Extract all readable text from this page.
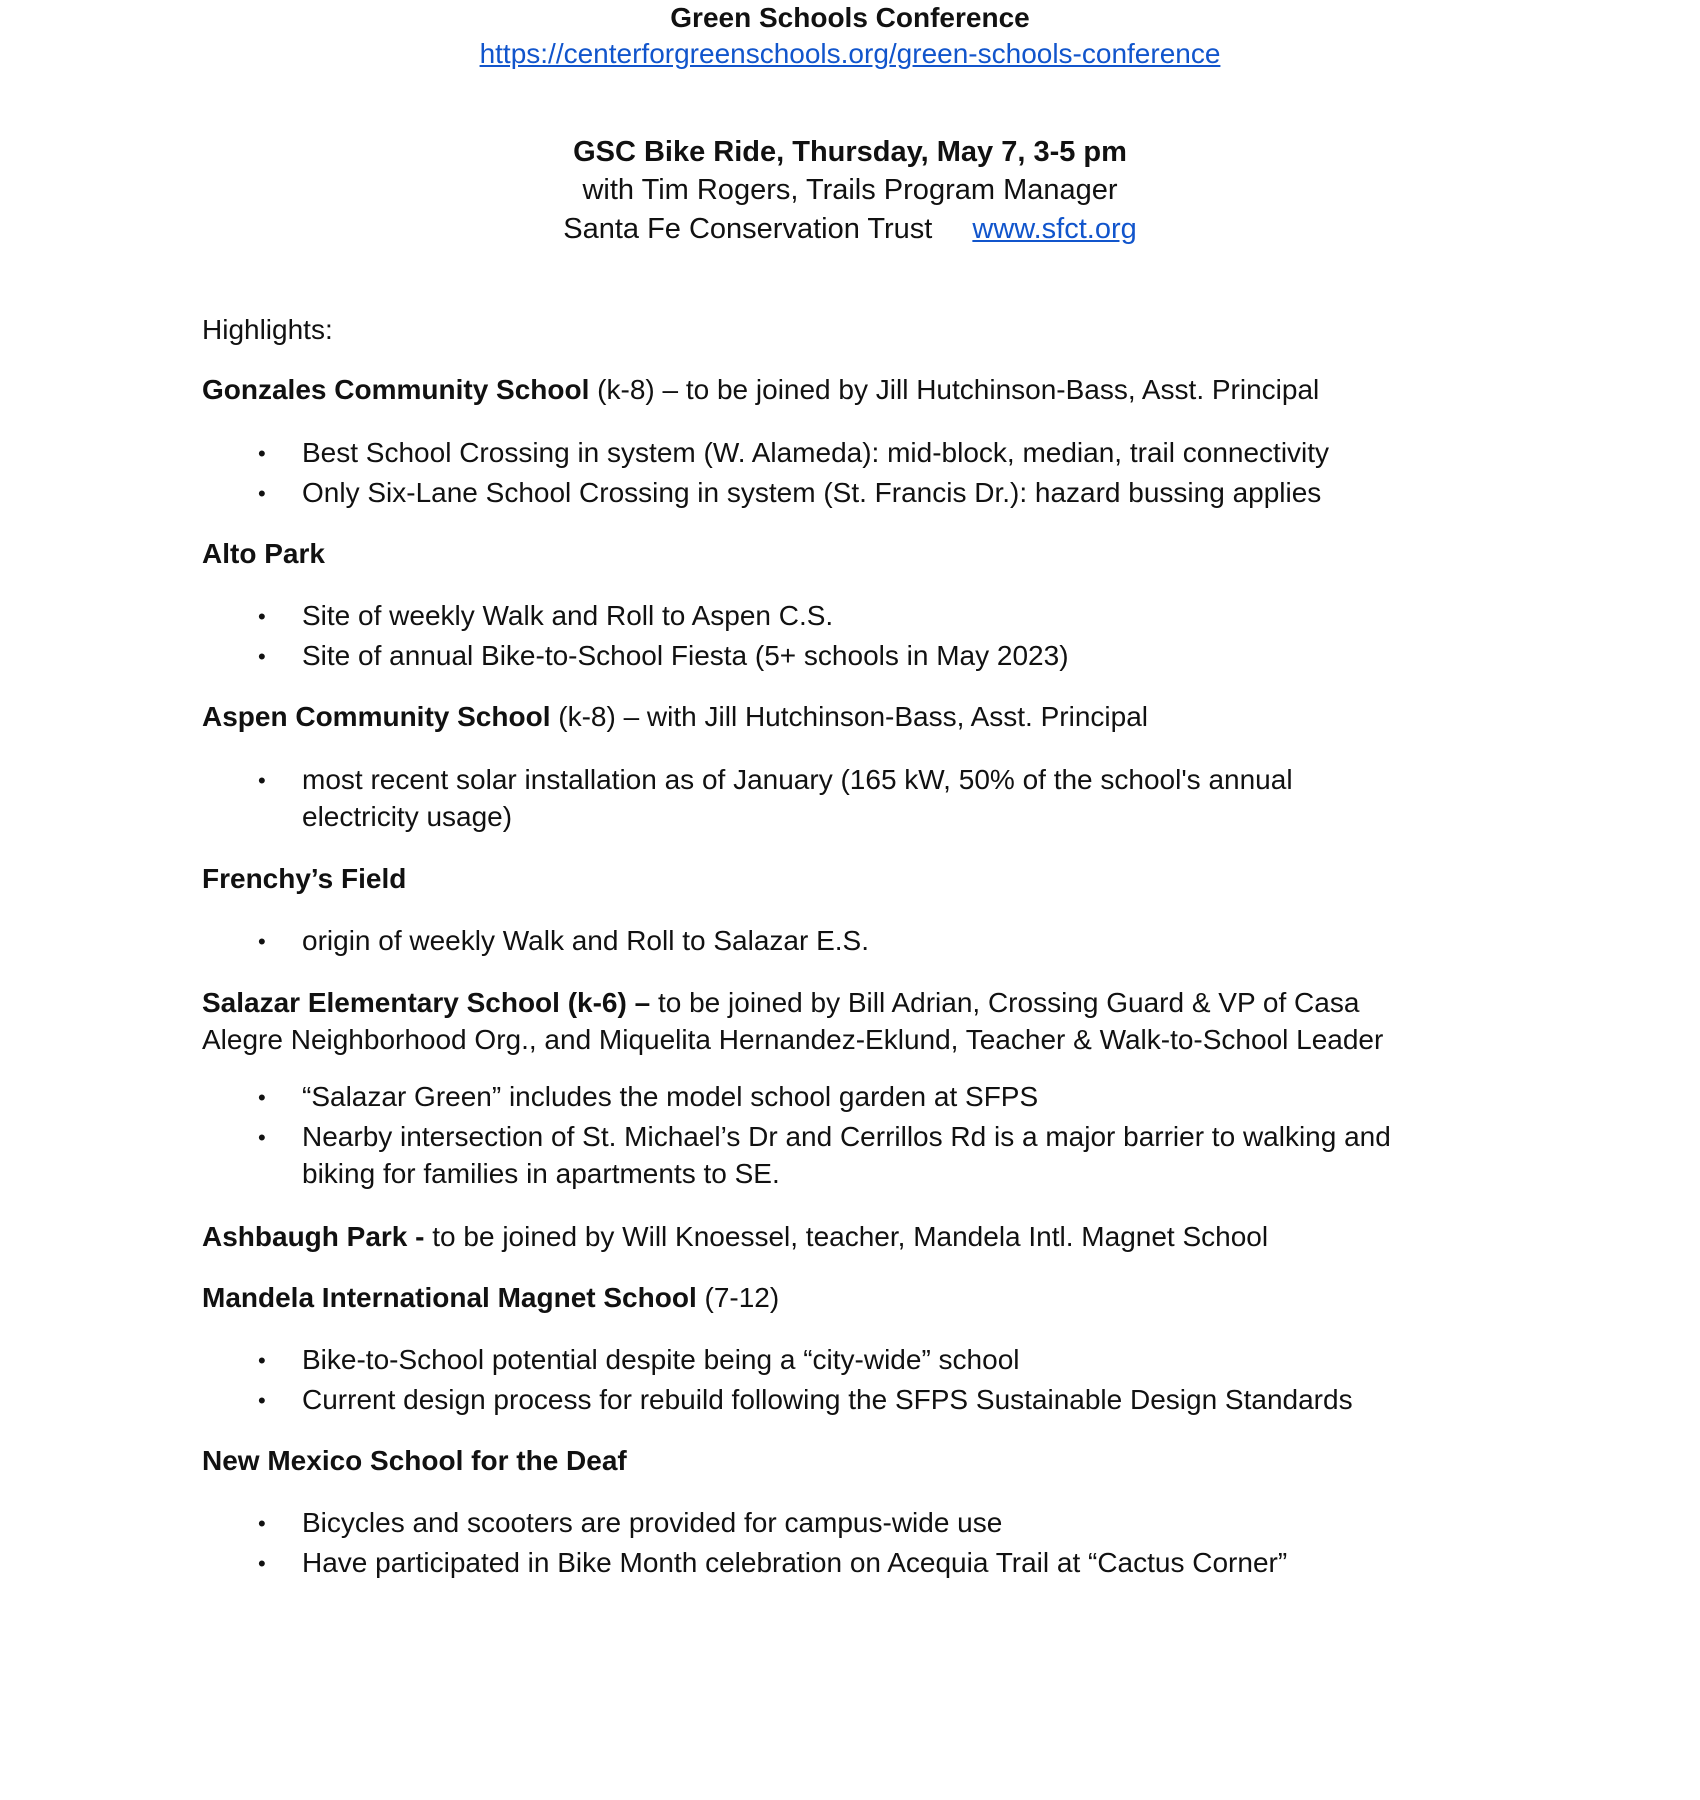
Green Schools Conference
https://centerforgreenschools.org/green-schools-conference
GSC Bike Ride, Thursday, May 7, 3-5 pm
with Tim Rogers, Trails Program Manager
Santa Fe Conservation Trust www.sfct.org
Highlights:
Gonzales Community School (k-8) – to be joined by Jill Hutchinson-Bass, Asst. Principal
• Best School Crossing in system (W. Alameda): mid-block, median, trail connectivity
• Only Six-Lane School Crossing in system (St. Francis Dr.): hazard bussing applies
Alto Park
• Site of weekly Walk and Roll to Aspen C.S.
• Site of annual Bike-to-School Fiesta (5+ schools in May 2023)
Aspen Community School (k-8) – with Jill Hutchinson-Bass, Asst. Principal
• most recent solar installation as of January (165 kW, 50% of the school's annual
electricity usage)
Frenchy’s Field
• origin of weekly Walk and Roll to Salazar E.S.
Salazar Elementary School (k-6) – to be joined by Bill Adrian, Crossing Guard & VP of Casa
Alegre Neighborhood Org., and Miquelita Hernandez-Eklund, Teacher & Walk-to-School Leader
• “Salazar Green” includes the model school garden at SFPS
• Nearby intersection of St. Michael’s Dr and Cerrillos Rd is a major barrier to walking and
biking for families in apartments to SE.
Ashbaugh Park - to be joined by Will Knoessel, teacher, Mandela Intl. Magnet School
Mandela International Magnet School (7-12)
• Bike-to-School potential despite being a “city-wide” school
• Current design process for rebuild following the SFPS Sustainable Design Standards
New Mexico School for the Deaf
• Bicycles and scooters are provided for campus-wide use
• Have participated in Bike Month celebration on Acequia Trail at “Cactus Corner”
